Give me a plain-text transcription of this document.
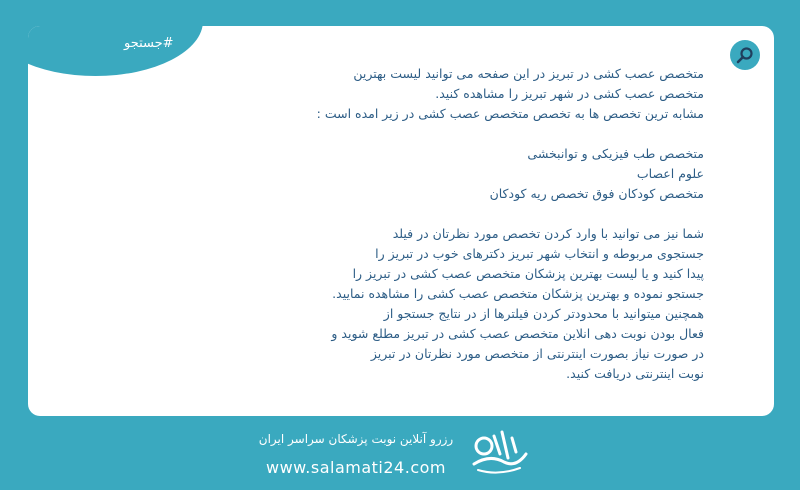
#جستجو

متخصص عصب کشی در تبریز در این صفحه می توانید لیست بهترین

متخصص عصب کشی در شهر تبریز را مشاهده کنید.

مشابه ترین تخصص ها به تخصص متخصص عصب کشی در زیر امده است :

متخصص طب فیزیکی و توانبخشی

علوم اعصاب

متخصص کودکان فوق تخصص ریه کودکان

شما نیز می توانید با وارد کردن تخصص مورد نظرتان در فیلد

جستجوی مربوطه و انتخاب شهر تبریز دکترهای خوب در تبریز را

پیدا کنید و یا لیست بهترین پزشکان متخصص عصب کشی در تبریز را

جستجو نموده و بهترین پزشکان متخصص عصب کشی را مشاهده نمایید.

همچنین میتوانید با محدودتر کردن فیلترها از در نتایج جستجو از

فعال بودن نوبت دهی انلاین متخصص عصب کشی در تبریز مطلع شوید و

در صورت نیاز بصورت اینترنتی از متخصص مورد نظرتان در تبریز

نوبت اینترنتی دریافت کنید.

رزرو آنلاین نوبت پزشکان سراسر ایران
www.salamati24.com
